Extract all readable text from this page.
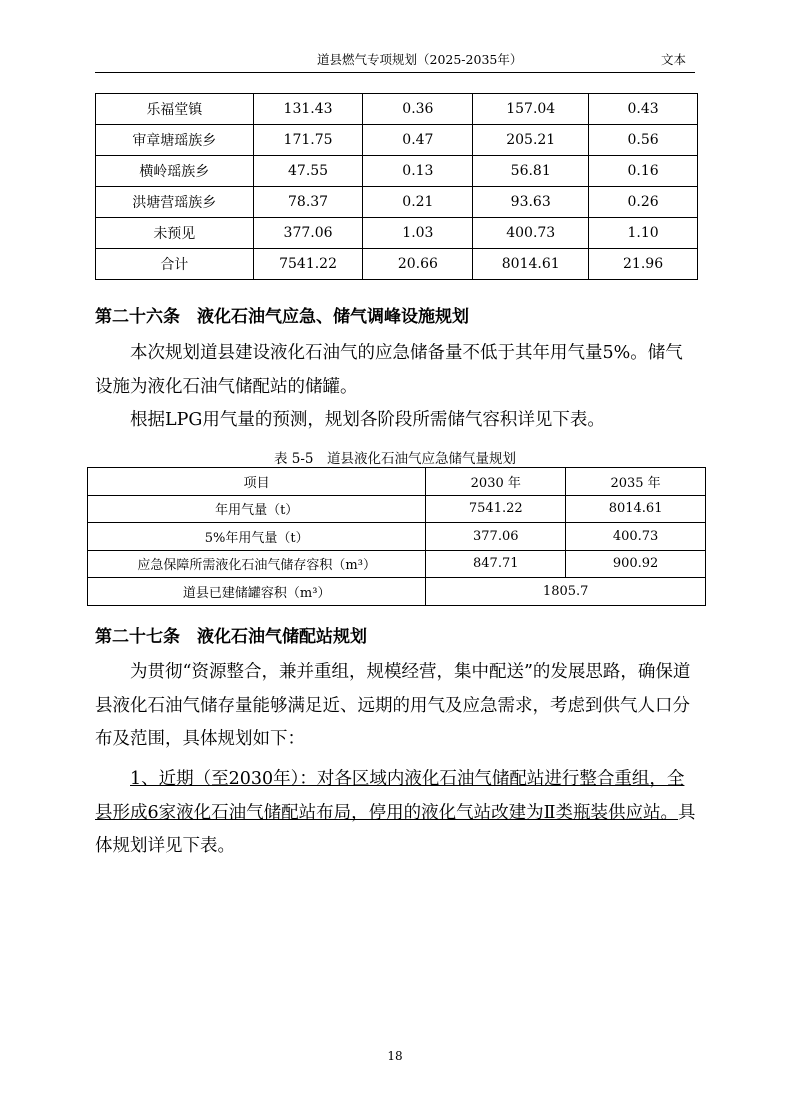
道县燃气专项规划（2025-2035年）	文本
乐福堂镇	131.43	0.36	157.04	0.43
审章塘瑶族乡	171.75	0.47	205.21	0.56
横岭瑶族乡	47.55	0.13	56.81	0.16
洪塘营瑶族乡	78.37	0.21	93.63	0.26
未预见	377.06	1.03	400.73	1.10
合计	7541.22	20.66	8014.61	21.96
第二十六条　液化石油气应急、储气调峰设施规划
本次规划道县建设液化石油气的应急储备量不低于其年用气量5%。储气设施为液化石油气储配站的储罐。
根据LPG用气量的预测，规划各阶段所需储气容积详见下表。
表 5-5　道县液化石油气应急储气量规划
项目	2030 年	2035 年
年用气量（t）	7541.22	8014.61
5%年用气量（t）	377.06	400.73
应急保障所需液化石油气储存容积（m³）	847.71	900.92
道县已建储罐容积（m³）	1805.7	
第二十七条　液化石油气储配站规划
为贯彻“资源整合，兼并重组，规模经营，集中配送”的发展思路，确保道县液化石油气储存量能够满足近、远期的用气及应急需求，考虑到供气人口分布及范围，具体规划如下：
1、近期（至2030年）：对各区域内液化石油气储配站进行整合重组，全县形成6家液化石油气储配站布局，停用的液化气站改建为Ⅱ类瓶装供应站。具体规划详见下表。
18
